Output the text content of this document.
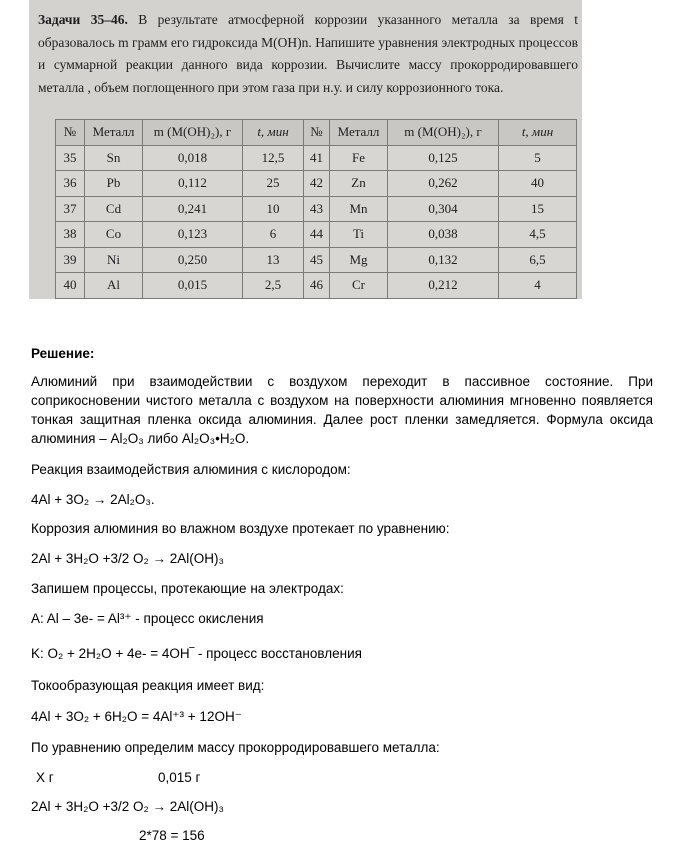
Задачи 35–46. В результате атмосферной коррозии указанного металла за время t образовалось m грамм его гидроксида M(OH)n. Напишите уравнения электродных процессов и суммарной реакции данного вида коррозии. Вычислите массу прокорродировавшего металла , объем поглощенного при этом газа при н.у. и силу коррозионного тока.
№	Металл	m (M(OH)₂), г	t, мин	№	Металл	m (M(OH)₂), г	t, мин
35	Sn	0,018	12,5	41	Fe	0,125	5
36	Pb	0,112	25	42	Zn	0,262	40
37	Cd	0,241	10	43	Mn	0,304	15
38	Co	0,123	6	44	Ti	0,038	4,5
39	Ni	0,250	13	45	Mg	0,132	6,5
40	Al	0,015	2,5	46	Cr	0,212	4

Решение:

Алюминий при взаимодействии с воздухом переходит в пассивное состояние. При соприкосновении чистого металла с воздухом на поверхности алюминия мгновенно появляется тонкая защитная пленка оксида алюминия. Далее рост пленки замедляется. Формула оксида алюминия – Al₂O₃ либо Al₂O₃•H₂O.

Реакция взаимодействия алюминия с кислородом:

4Al + 3O₂ → 2Al₂O₃.

Коррозия алюминия во влажном воздухе протекает по уравнению:

2Al + 3H₂O +3/2 O₂ → 2Al(OH)₃

Запишем процессы, протекающие на электродах:

A: Al – 3e- = Al³⁺ - процесс окисления

K: O₂ + 2H₂O + 4e- = 4OH‾ - процесс восстановления

Токообразующая реакция имеет вид:

4Al + 3O₂ + 6H₂O = 4Al⁺³ + 12OH⁻

По уравнению определим массу прокорродировавшего металла:

X г	0,015 г

2Al + 3H₂O +3/2 O₂ → 2Al(OH)₃

2*78 = 156
